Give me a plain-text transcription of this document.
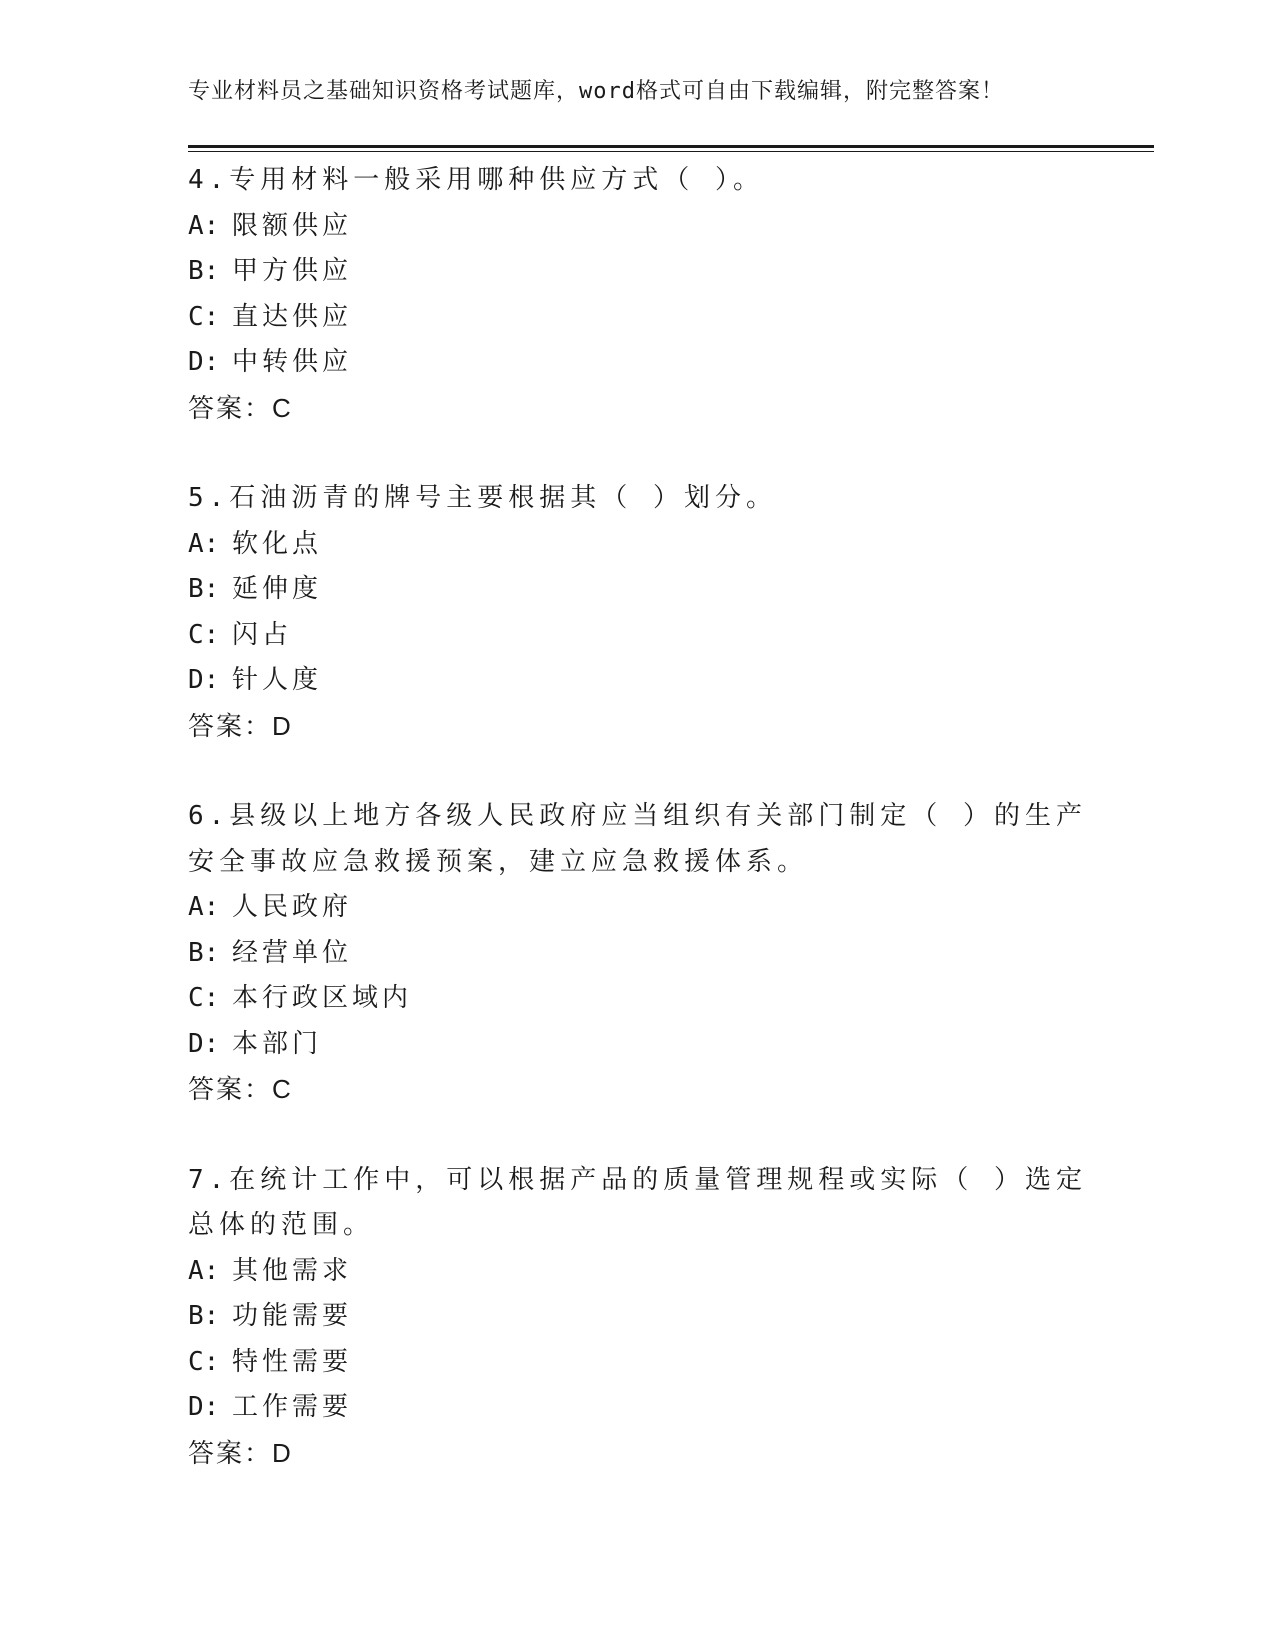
专业材料员之基础知识资格考试题库，word格式可自由下载编辑，附完整答案！

4.专用材料一般采用哪种供应方式（ ）。

A: 限额供应

B: 甲方供应

C: 直达供应

D: 中转供应

答案：C

5.石油沥青的牌号主要根据其（ ）划分。

A: 软化点

B: 延伸度

C: 闪占

D: 针人度

答案：D

6.县级以上地方各级人民政府应当组织有关部门制定（ ）的生产安全事故应急救援预案，建立应急救援体系。

A: 人民政府

B: 经营单位

C: 本行政区域内

D: 本部门

答案：C

7.在统计工作中，可以根据产品的质量管理规程或实际（ ）选定总体的范围。

A: 其他需求

B: 功能需要

C: 特性需要

D: 工作需要

答案：D
